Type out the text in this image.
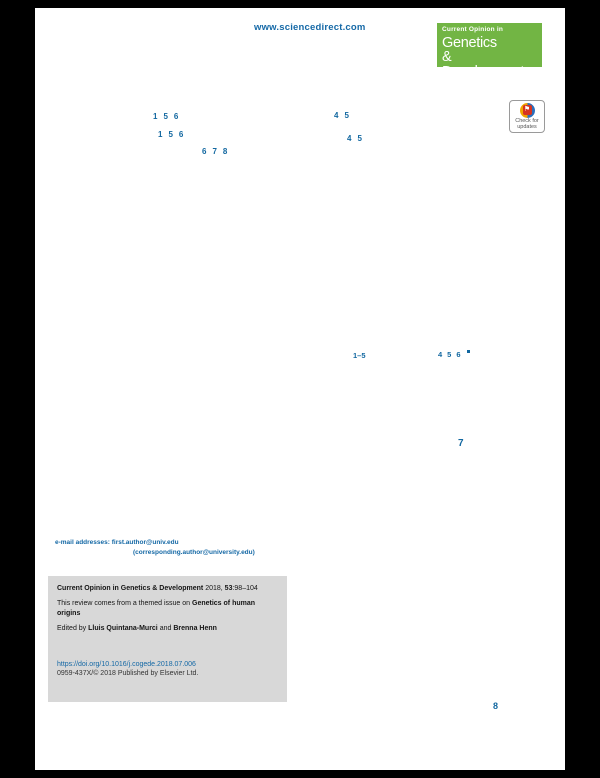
www.sciencedirect.com	Current Opinion in
Genetics
& Development
⚑
Check for
updates
156	45
156	45
678
1–5	456
7
8
e-mail addresses: first.author@univ.edu
(corresponding.author@university.edu)

Current Opinion in Genetics & Development 2018, 53:98–104

This review comes from a themed issue on Genetics of human

origins

Edited by Lluis Quintana-Murci and Brenna Henn

https://doi.org/10.1016/j.cogede.2018.07.006

0959-437X/© 2018 Published by Elsevier Ltd.
